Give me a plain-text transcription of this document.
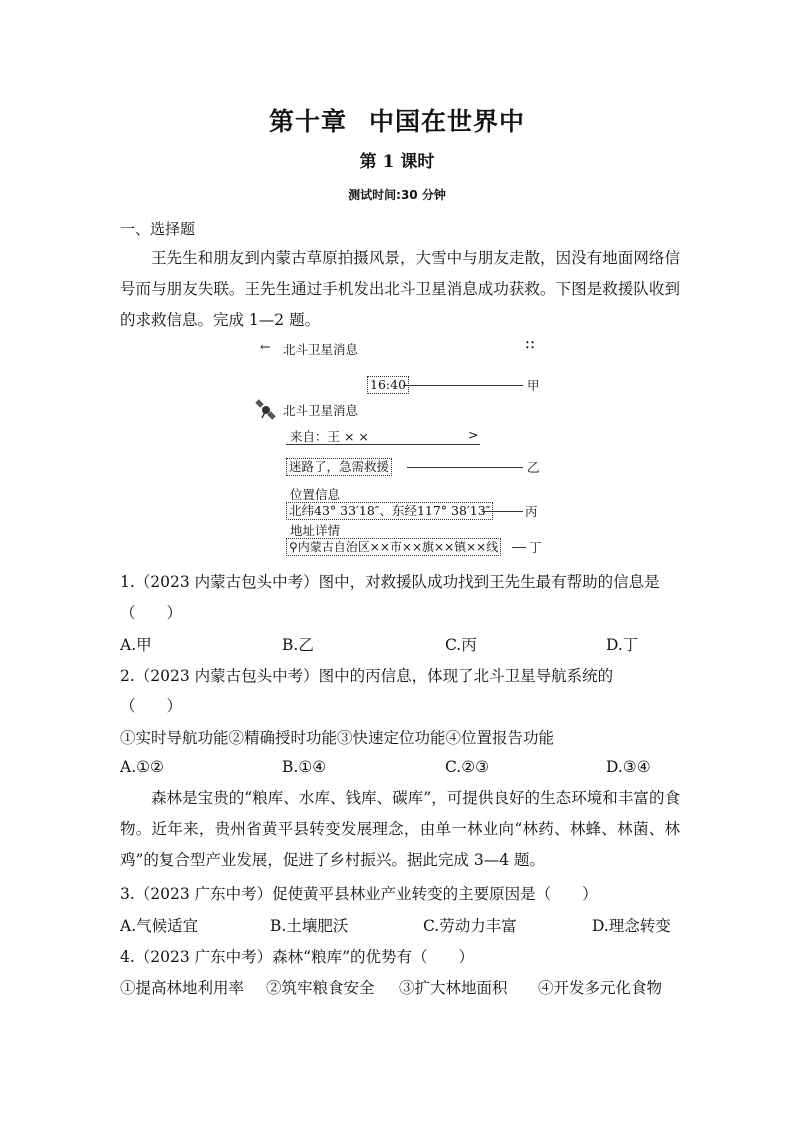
第十章 中国在世界中
第 1 课时
测试时间:30 分钟
一、选择题
王先生和朋友到内蒙古草原拍摄风景，大雪中与朋友走散，因没有地面网络信号而与朋友失联。王先生通过手机发出北斗卫星消息成功获救。下图是救援队收到的求救信息。完成 1—2 题。
← 北斗卫星消息	∷
16:40	甲
北斗卫星消息
来自：王 × ×	>
迷路了，急需救援	乙
位置信息
北纬43° 33′18″、东经117° 38′13″	丙
地址详情
⚲内蒙古自治区××市××旗××镇××线 丁
1.（2023 内蒙古包头中考）图中，对救援队成功找到王先生最有帮助的信息是
（　　）
A.甲	B.乙	C.丙	D.丁
2.（2023 内蒙古包头中考）图中的丙信息，体现了北斗卫星导航系统的
（　　）
①实时导航功能②精确授时功能③快速定位功能④位置报告功能
A.①②	B.①④	C.②③	D.③④
森林是宝贵的“粮库、水库、钱库、碳库”，可提供良好的生态环境和丰富的食物。近年来，贵州省黄平县转变发展理念，由单一林业向“林药、林蜂、林菌、林鸡”的复合型产业发展，促进了乡村振兴。据此完成 3—4 题。
3.（2023 广东中考）促使黄平县林业产业转变的主要原因是（　　）
A.气候适宜	B.土壤肥沃	C.劳动力丰富	D.理念转变
4.（2023 广东中考）森林“粮库”的优势有（　　）
①提高林地利用率 ②筑牢粮食安全 ③扩大林地面积 ④开发多元化食物
